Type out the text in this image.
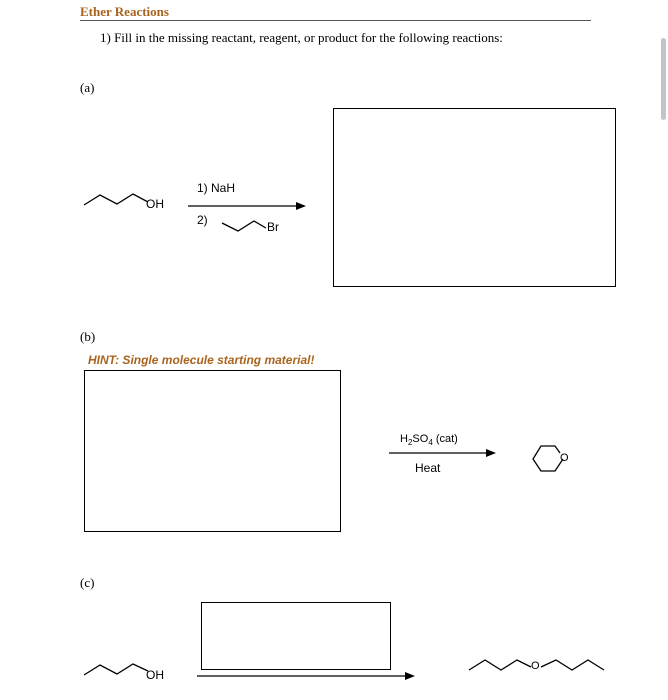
Ether Reactions
1) Fill in the missing reactant, reagent, or product for the following reactions:
(a)
OH
1) NaH
2)	Br
(b)
HINT: Single molecule starting material!
$H_2SO_4$ (cat)
Heat
O
(c)
OH
O
